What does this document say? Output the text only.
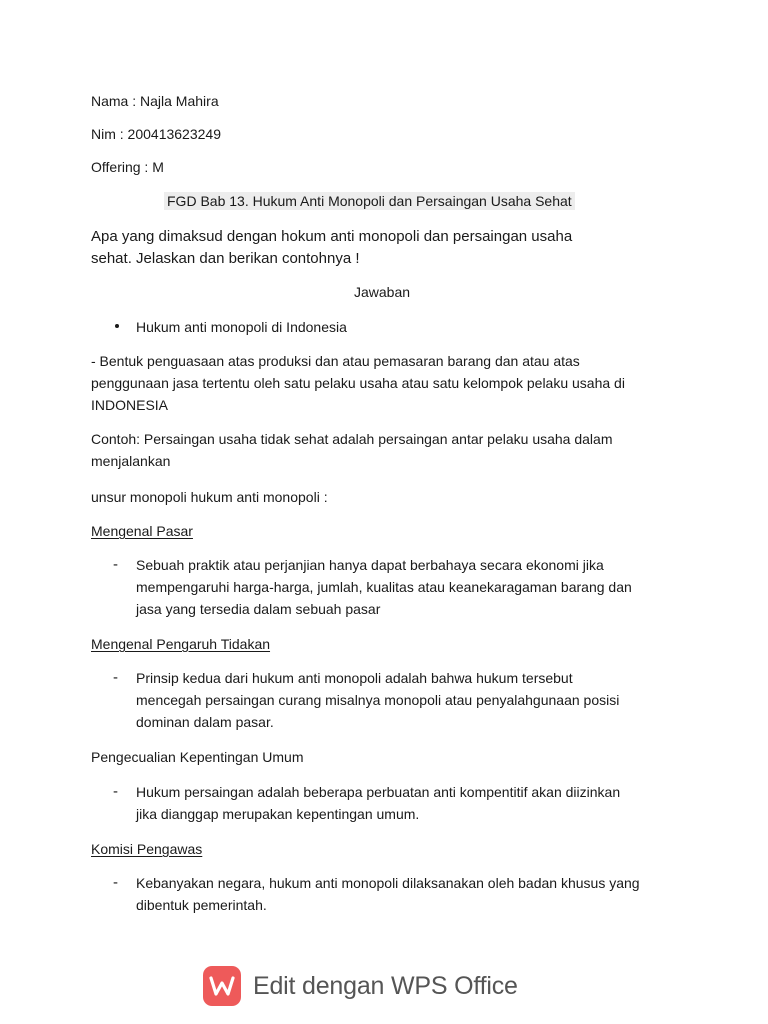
Nama : Najla Mahira
Nim : 200413623249
Offering : M
FGD Bab 13. Hukum Anti Monopoli dan Persaingan Usaha Sehat
Apa yang dimaksud dengan hokum anti monopoli dan persaingan usaha
sehat. Jelaskan dan berikan contohnya !
Jawaban
Hukum anti monopoli di Indonesia
- Bentuk penguasaan atas produksi dan atau pemasaran barang dan atau atas
penggunaan jasa tertentu oleh satu pelaku usaha atau satu kelompok pelaku usaha di
INDONESIA
Contoh: Persaingan usaha tidak sehat adalah persaingan antar pelaku usaha dalam
menjalankan
unsur monopoli hukum anti monopoli :
Mengenal Pasar
- Sebuah praktik atau perjanjian hanya dapat berbahaya secara ekonomi jika
mempengaruhi harga-harga, jumlah, kualitas atau keanekaragaman barang dan
jasa yang tersedia dalam sebuah pasar
Mengenal Pengaruh Tidakan
- Prinsip kedua dari hukum anti monopoli adalah bahwa hukum tersebut
mencegah persaingan curang misalnya monopoli atau penyalahgunaan posisi
dominan dalam pasar.
Pengecualian Kepentingan Umum
- Hukum persaingan adalah beberapa perbuatan anti kompentitif akan diizinkan
jika dianggap merupakan kepentingan umum.
Komisi Pengawas
- Kebanyakan negara, hukum anti monopoli dilaksanakan oleh badan khusus yang
dibentuk pemerintah.
Edit dengan WPS Office
